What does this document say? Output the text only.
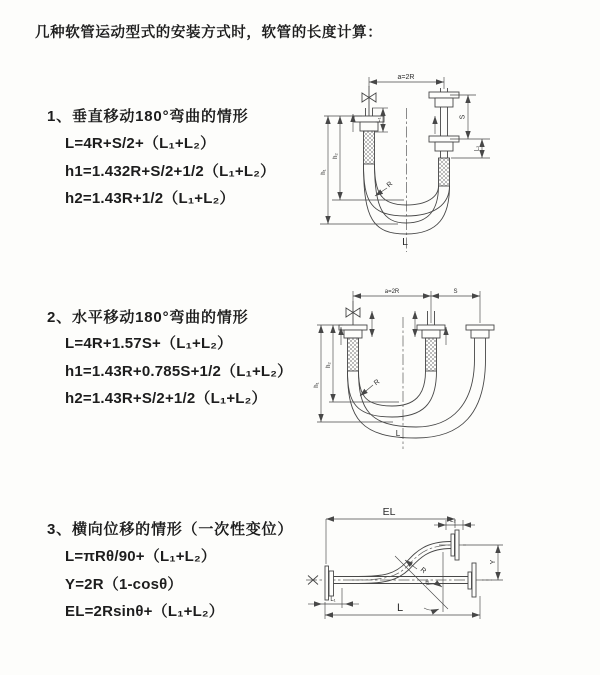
几种软管运动型式的安装方式时，软管的长度计算：
1、垂直移动180°弯曲的情形
L=4R+S/2+（L₁+L₂）
h1=1.432R+S/2+1/2（L₁+L₂）
h2=1.43R+1/2（L₁+L₂）
a=2R
R
L
h₂
h₁
L₁
S
L₂
2、水平移动180°弯曲的情形
L=4R+1.57S+（L₁+L₂）
h1=1.43R+0.785S+1/2（L₁+L₂）
h2=1.43R+S/2+1/2（L₁+L₂）
a=2R	S
R
L
h₂
h₁
3、横向位移的情形（一次性变位）
L=πRθ/90+（L₁+L₂）
Y=2R（1-cosθ）
EL=2Rsinθ+（L₁+L₂）
EL
L₂
L₁
Y
θ
R
L
